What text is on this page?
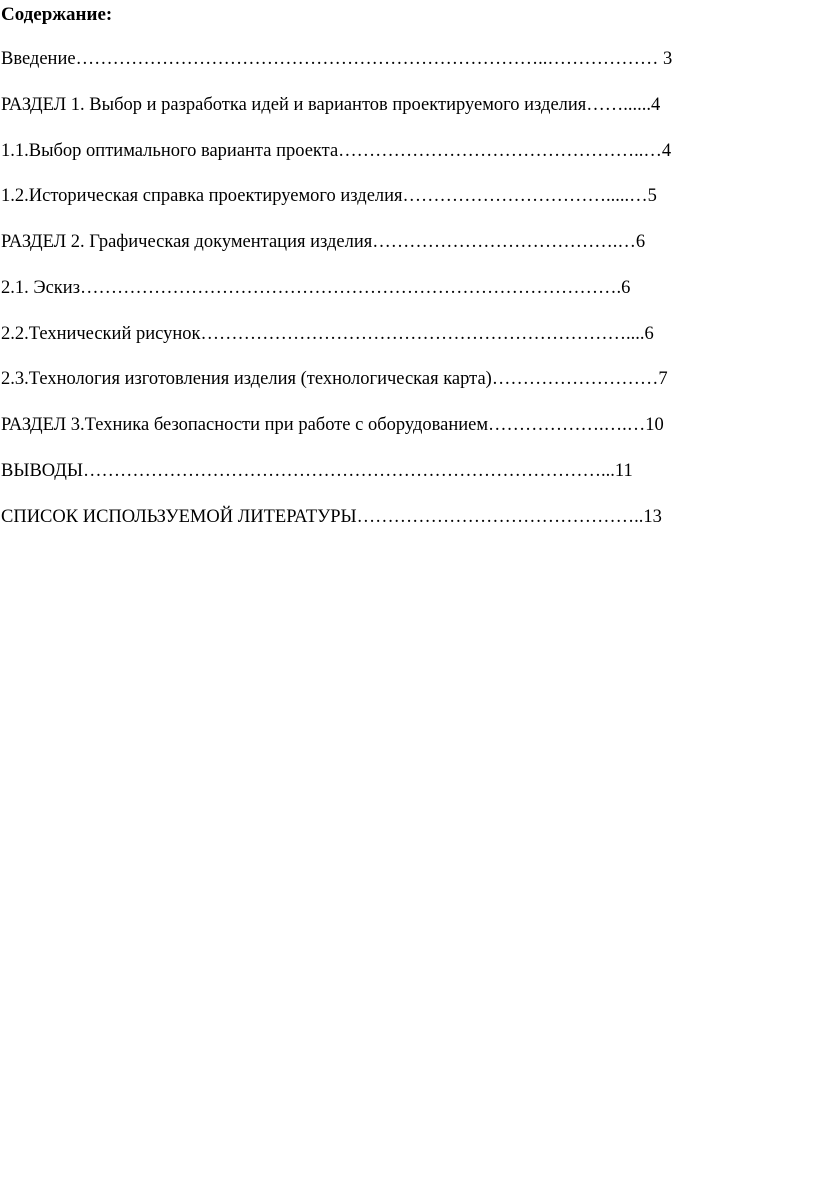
Содержание:

Введение…………………………………………………………………..……………… 3

РАЗДЕЛ 1. Выбор и разработка идей и вариантов проектируемого изделия……......4

1.1.Выбор оптимального варианта проекта…………………………………………..…4

1.2.Историческая справка проектируемого изделия…………………………….....…5

РАЗДЕЛ 2. Графическая документация изделия………………………………….…6

2.1. Эскиз…………………………………………………………………………….6

2.2.Технический рисунок……………………………………………………………....6

2.3.Технология изготовления изделия (технологическая карта)………………………7

РАЗДЕЛ 3.Техника безопасности при работе с оборудованием……………….….…10

ВЫВОДЫ…………………………………………………………………………...11

СПИСОК ИСПОЛЬЗУЕМОЙ ЛИТЕРАТУРЫ………………………………………..13
